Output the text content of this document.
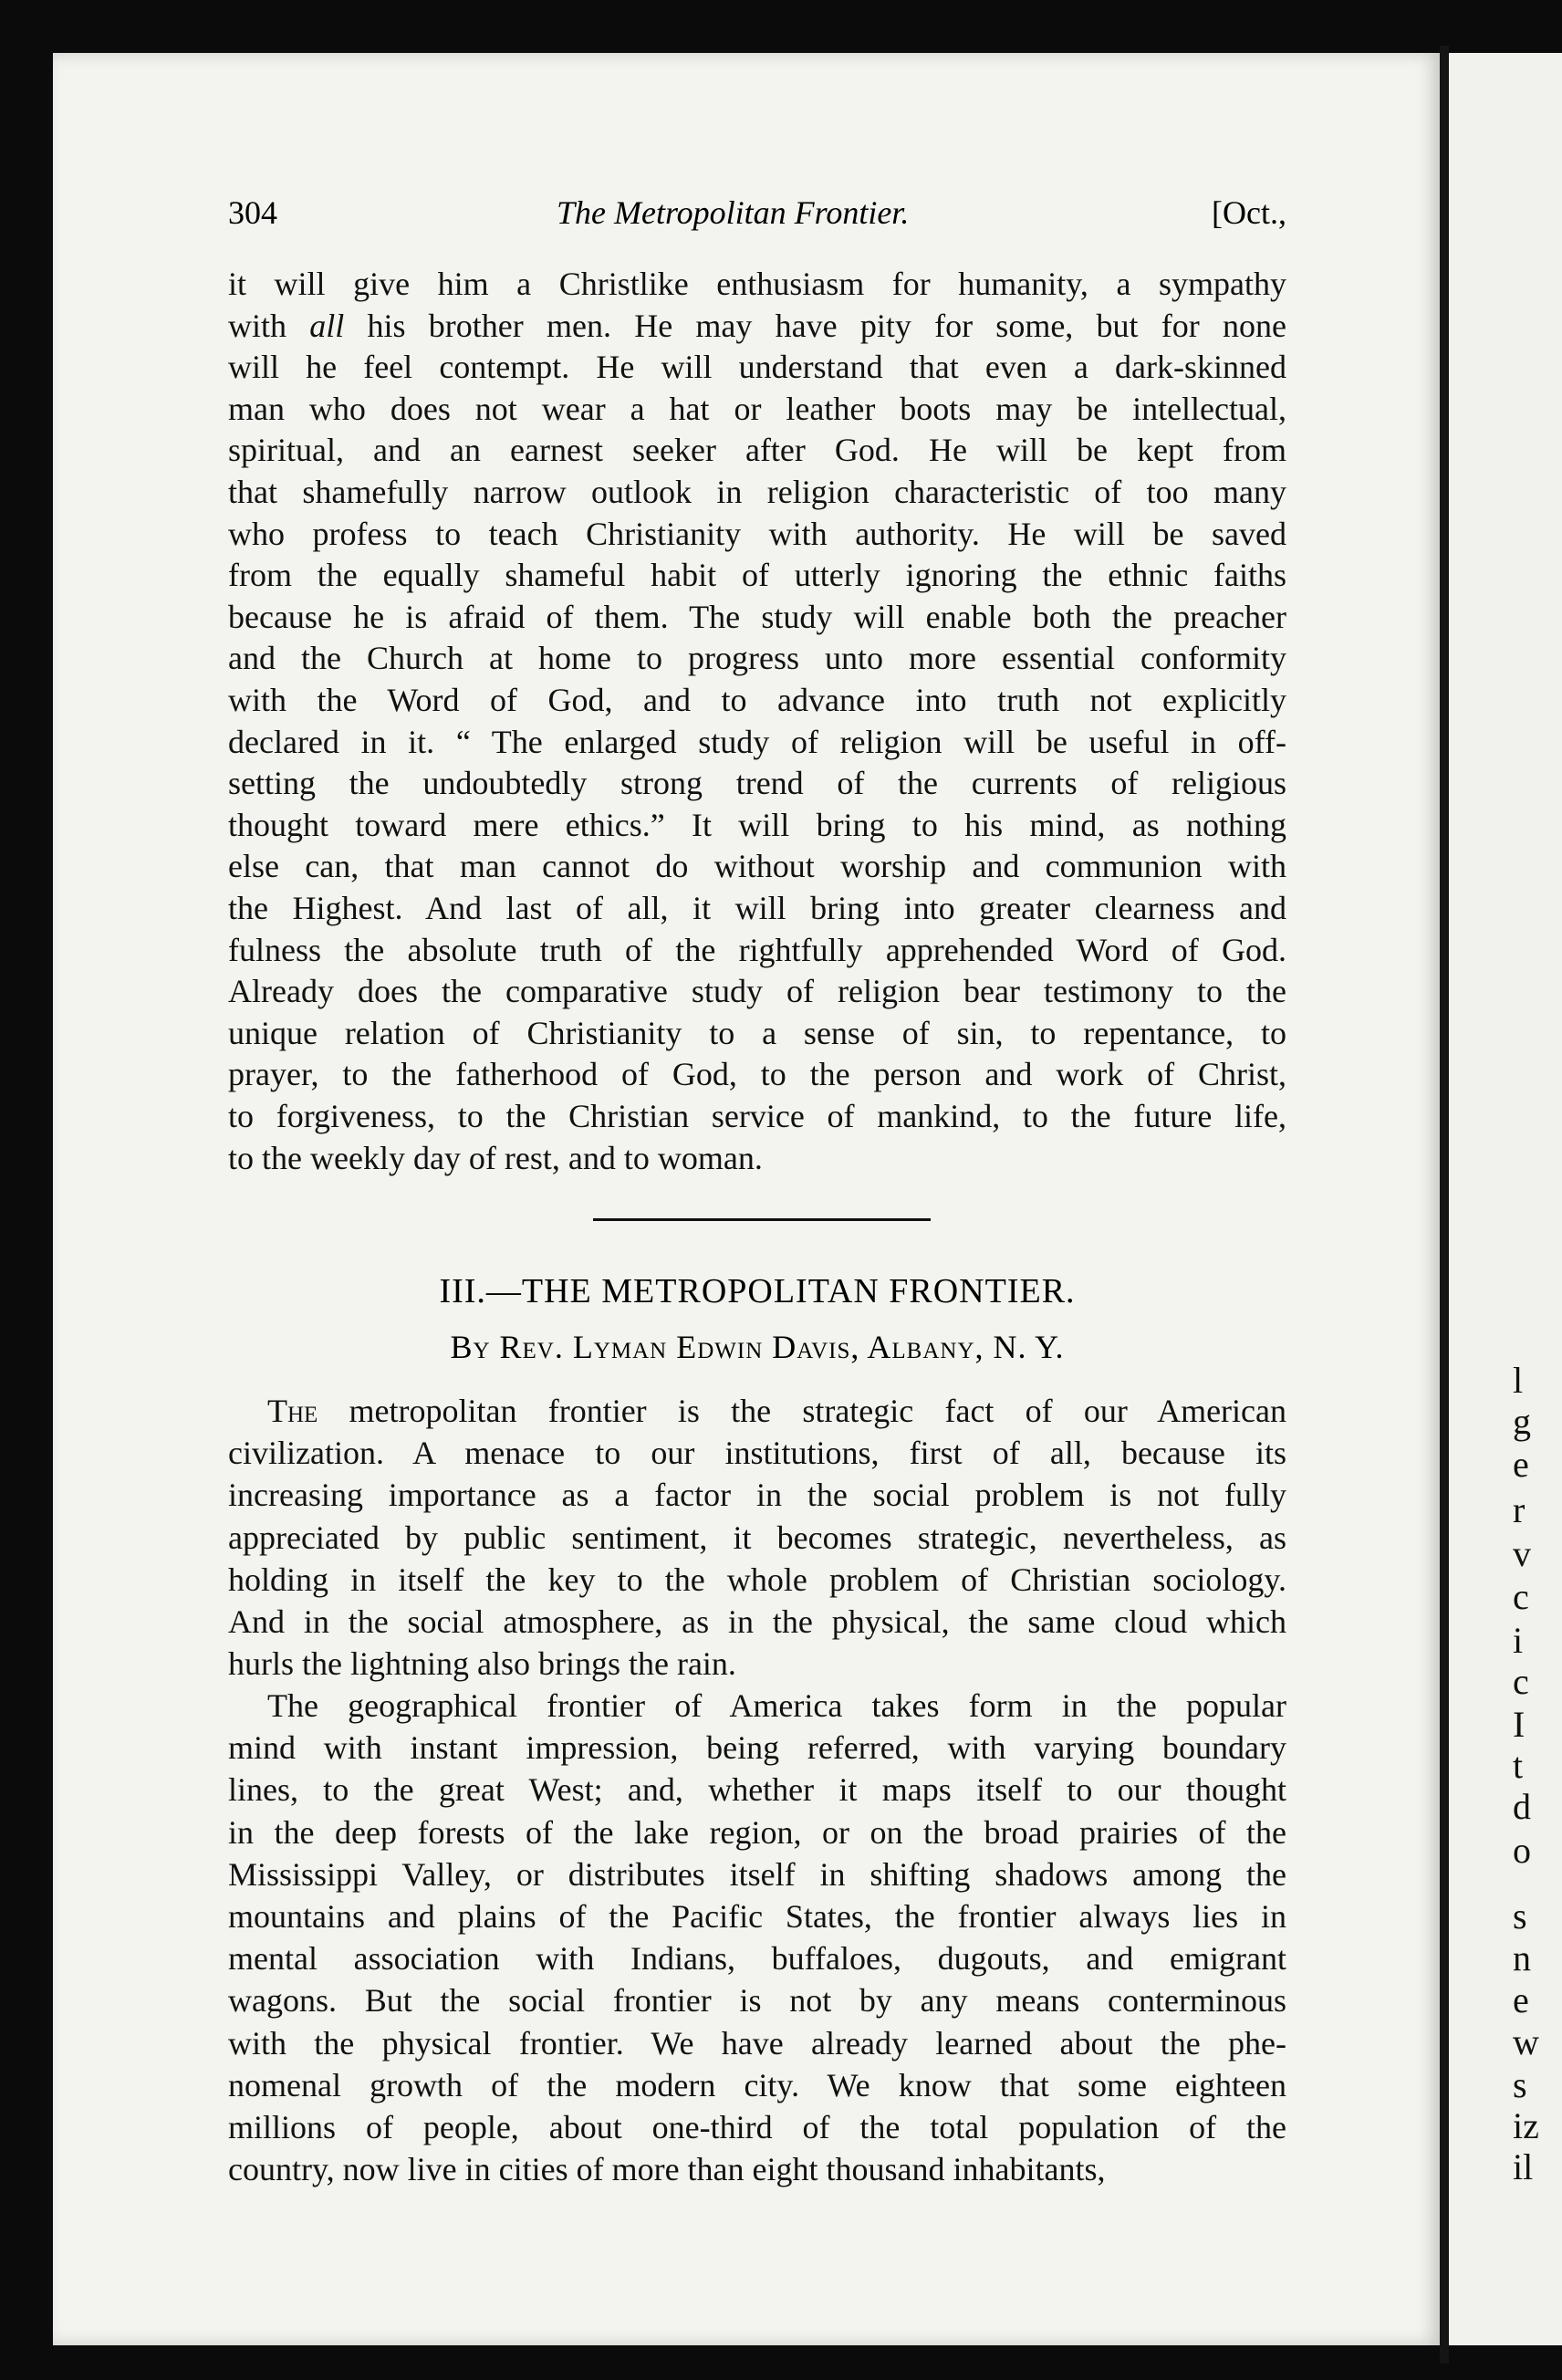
304	The Metropolitan Frontier.	[Oct.,
it will give him a Christlike enthusiasm for humanity, a sympathy
with all his brother men. He may have pity for some, but for none
will he feel contempt. He will understand that even a dark-skinned
man who does not wear a hat or leather boots may be intellectual,
spiritual, and an earnest seeker after God. He will be kept from
that shamefully narrow outlook in religion characteristic of too many
who profess to teach Christianity with authority. He will be saved
from the equally shameful habit of utterly ignoring the ethnic faiths
because he is afraid of them. The study will enable both the preacher
and the Church at home to progress unto more essential conformity
with the Word of God, and to advance into truth not explicitly
declared in it. “ The enlarged study of religion will be useful in off-
setting the undoubtedly strong trend of the currents of religious
thought toward mere ethics.” It will bring to his mind, as nothing
else can, that man cannot do without worship and communion with
the Highest. And last of all, it will bring into greater clearness and
fulness the absolute truth of the rightfully apprehended Word of God.
Already does the comparative study of religion bear testimony to the
unique relation of Christianity to a sense of sin, to repentance, to
prayer, to the fatherhood of God, to the person and work of Christ,
to forgiveness, to the Christian service of mankind, to the future life,
to the weekly day of rest, and to woman.
III.—THE METROPOLITAN FRONTIER.
By Rev. Lyman Edwin Davis, Albany, N. Y.
The metropolitan frontier is the strategic fact of our American
civilization. A menace to our institutions, first of all, because its
increasing importance as a factor in the social problem is not fully
appreciated by public sentiment, it becomes strategic, nevertheless, as
holding in itself the key to the whole problem of Christian sociology.
And in the social atmosphere, as in the physical, the same cloud which
hurls the lightning also brings the rain.
The geographical frontier of America takes form in the popular
mind with instant impression, being referred, with varying boundary
lines, to the great West; and, whether it maps itself to our thought
in the deep forests of the lake region, or on the broad prairies of the
Mississippi Valley, or distributes itself in shifting shadows among the
mountains and plains of the Pacific States, the frontier always lies in
mental association with Indians, buffaloes, dugouts, and emigrant
wagons. But the social frontier is not by any means conterminous
with the physical frontier. We have already learned about the phe-
nomenal growth of the modern city. We know that some eighteen
millions of people, about one-third of the total population of the
country, now live in cities of more than eight thousand inhabitants,
l
g
e
r
v
c
i
c
I
t
d
o
s
n
e
w
s
iz
il
